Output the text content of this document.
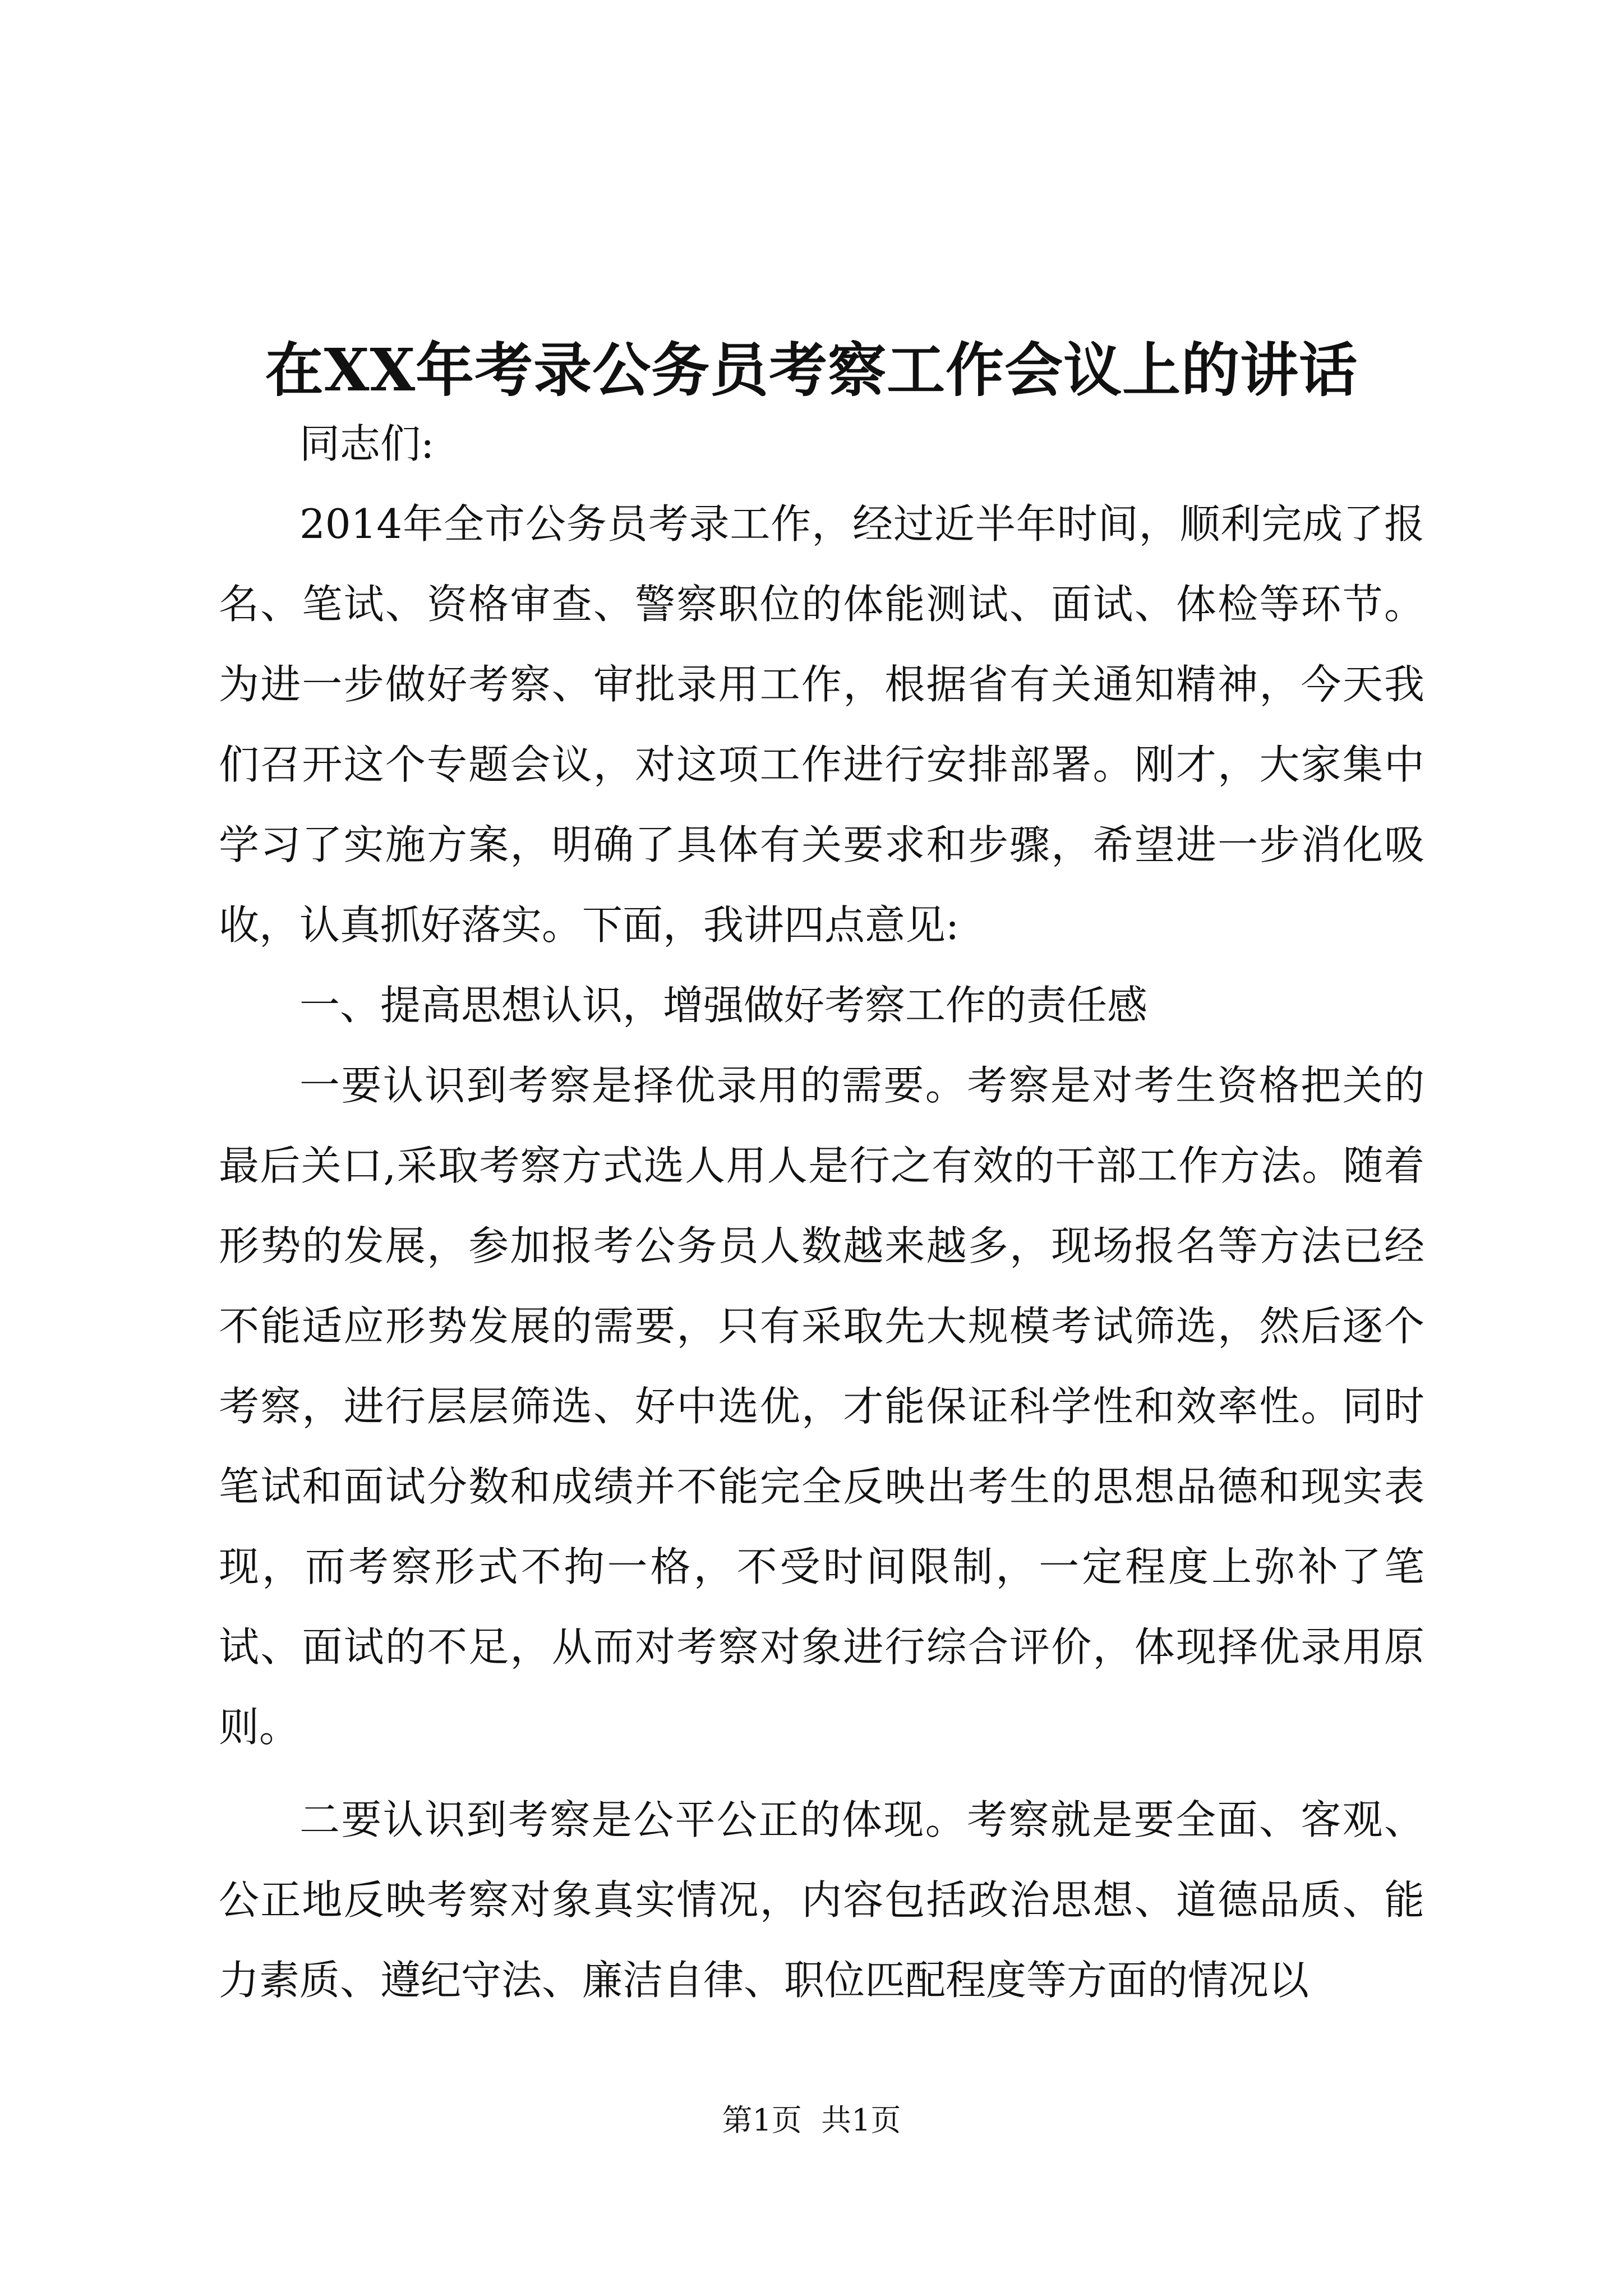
在XX年考录公务员考察工作会议上的讲话

同志们:

2014年全市公务员考录工作，经过近半年时间，顺利完成了报名、笔试、资格审查、警察职位的体能测试、面试、体检等环节。为进一步做好考察、审批录用工作，根据省有关通知精神，今天我们召开这个专题会议，对这项工作进行安排部署。刚才，大家集中学习了实施方案，明确了具体有关要求和步骤，希望进一步消化吸收，认真抓好落实。下面，我讲四点意见:

一、提高思想认识，增强做好考察工作的责任感

一要认识到考察是择优录用的需要。考察是对考生资格把关的最后关口,采取考察方式选人用人是行之有效的干部工作方法。随着形势的发展，参加报考公务员人数越来越多，现场报名等方法已经不能适应形势发展的需要，只有采取先大规模考试筛选，然后逐个考察，进行层层筛选、好中选优，才能保证科学性和效率性。同时笔试和面试分数和成绩并不能完全反映出考生的思想品德和现实表现，而考察形式不拘一格，不受时间限制，一定程度上弥补了笔试、面试的不足，从而对考察对象进行综合评价，体现择优录用原则。

二要认识到考察是公平公正的体现。考察就是要全面、客观、公正地反映考察对象真实情况，内容包括政治思想、道德品质、能力素质、遵纪守法、廉洁自律、职位匹配程度等方面的情况以

第1页  共1页
